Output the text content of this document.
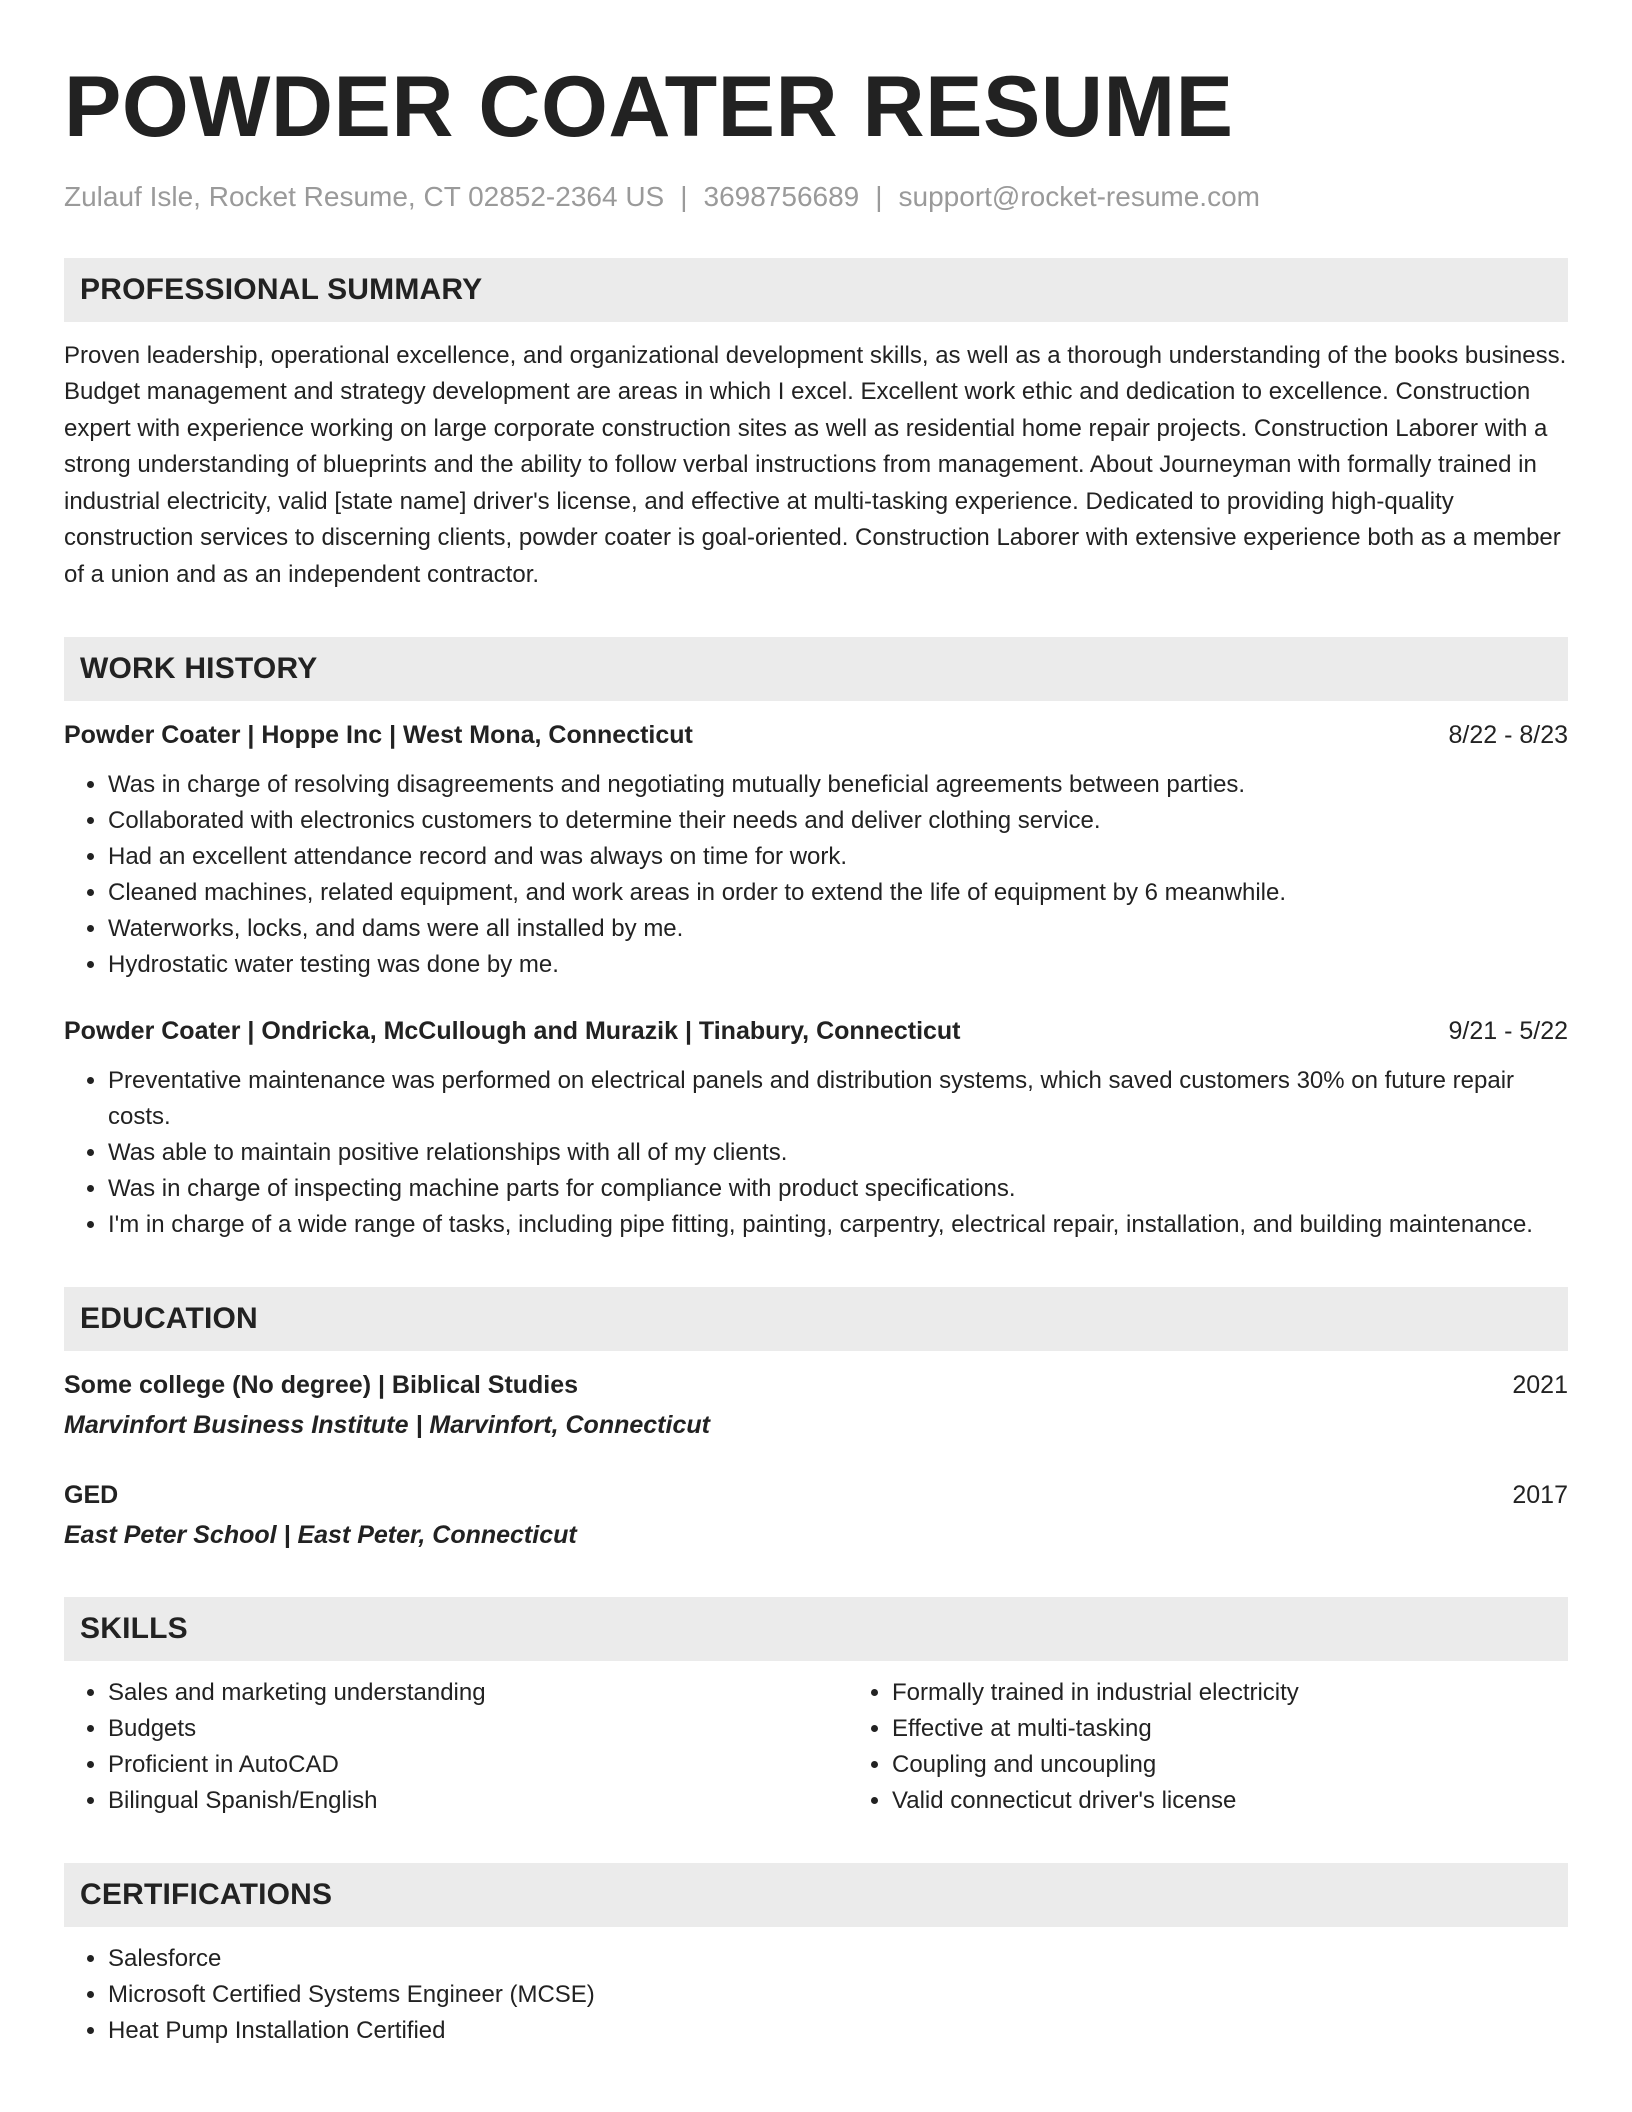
POWDER COATER RESUME
Zulauf Isle, Rocket Resume, CT 02852-2364 US | 3698756689 | support@rocket-resume.com
PROFESSIONAL SUMMARY

Proven leadership, operational excellence, and organizational development skills, as well as a thorough understanding of the books business. Budget management and strategy development are areas in which I excel. Excellent work ethic and dedication to excellence. Construction expert with experience working on large corporate construction sites as well as residential home repair projects. Construction Laborer with a strong understanding of blueprints and the ability to follow verbal instructions from management. About Journeyman with formally trained in industrial electricity, valid [state name] driver's license, and effective at multi-tasking experience. Dedicated to providing high-quality construction services to discerning clients, powder coater is goal-oriented. Construction Laborer with extensive experience both as a member of a union and as an independent contractor.

WORK HISTORY
Powder Coater | Hoppe Inc | West Mona, Connecticut	8/22 - 8/23
• Was in charge of resolving disagreements and negotiating mutually beneficial agreements between parties.
• Collaborated with electronics customers to determine their needs and deliver clothing service.
• Had an excellent attendance record and was always on time for work.
• Cleaned machines, related equipment, and work areas in order to extend the life of equipment by 6 meanwhile.
• Waterworks, locks, and dams were all installed by me.
• Hydrostatic water testing was done by me.
Powder Coater | Ondricka, McCullough and Murazik | Tinabury, Connecticut	9/21 - 5/22
• Preventative maintenance was performed on electrical panels and distribution systems, which saved customers 30% on future repair costs.
• Was able to maintain positive relationships with all of my clients.
• Was in charge of inspecting machine parts for compliance with product specifications.
• I'm in charge of a wide range of tasks, including pipe fitting, painting, carpentry, electrical repair, installation, and building maintenance.
EDUCATION
Some college (No degree) | Biblical Studies	2021
Marvinfort Business Institute | Marvinfort, Connecticut
GED	2017
East Peter School | East Peter, Connecticut
SKILLS
• Sales and marketing understanding
• Budgets
• Proficient in AutoCAD
• Bilingual Spanish/English
• Formally trained in industrial electricity
• Effective at multi-tasking
• Coupling and uncoupling
• Valid connecticut driver's license
CERTIFICATIONS
• Salesforce
• Microsoft Certified Systems Engineer (MCSE)
• Heat Pump Installation Certified
